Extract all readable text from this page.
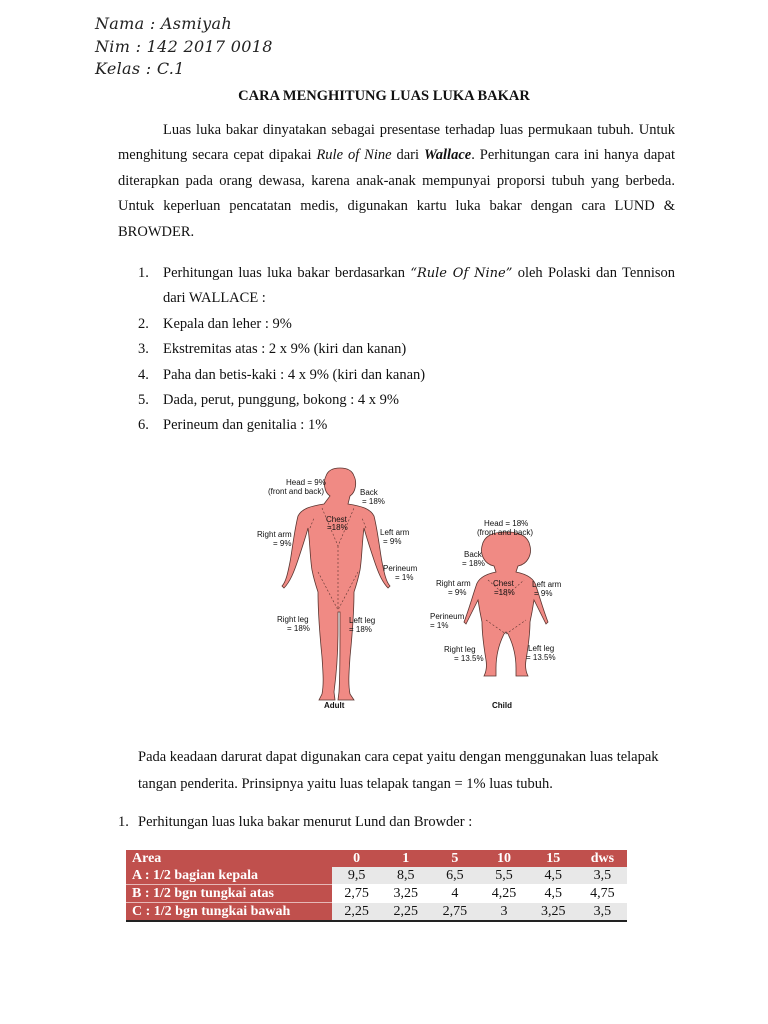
Nama : Asmiyah
Nim : 142 2017 0018
Kelas : C.1
CARA MENGHITUNG LUAS LUKA BAKAR
Luas luka bakar dinyatakan sebagai presentase terhadap luas permukaan tubuh. Untuk menghitung secara cepat dipakai Rule of Nine dari Wallace. Perhitungan cara ini hanya dapat diterapkan pada orang dewasa, karena anak-anak mempunyai proporsi tubuh yang berbeda. Untuk keperluan pencatatan medis, digunakan kartu luka bakar dengan cara LUND & BROWDER.
1. Perhitungan luas luka bakar berdasarkan “Rule Of Nine” oleh Polaski dan Tennison dari WALLACE :
2. Kepala dan leher : 9%
3. Ekstremitas atas : 2 x 9% (kiri dan kanan)
4. Paha dan betis-kaki : 4 x 9% (kiri dan kanan)
5. Dada, perut, punggung, bokong : 4 x 9%
6. Perineum dan genitalia : 1%
Head = 9% (front and back)	Back = 18%
Chest =18%
Right arm = 9%
Left arm = 9%
Perineum = 1%
Right leg = 18%
Left leg = 18%
Adult
Head = 18% (front and back)
Back = 18%
Chest =18%
Right arm = 9%
Left arm = 9%
Perineum = 1%
Right leg = 13.5%
Left leg = 13.5%
Child
Pada keadaan darurat dapat digunakan cara cepat yaitu dengan menggunakan luas telapak tangan penderita. Prinsipnya yaitu luas telapak tangan = 1% luas tubuh.
1. Perhitungan luas luka bakar menurut Lund dan Browder :
Area	0	1	5	10	15	dws
A : 1/2 bagian kepala	9,5	8,5	6,5	5,5	4,5	3,5
B : 1/2 bgn tungkai atas	2,75	3,25	4	4,25	4,5	4,75
C : 1/2 bgn tungkai bawah	2,25	2,25	2,75	3	3,25	3,5
